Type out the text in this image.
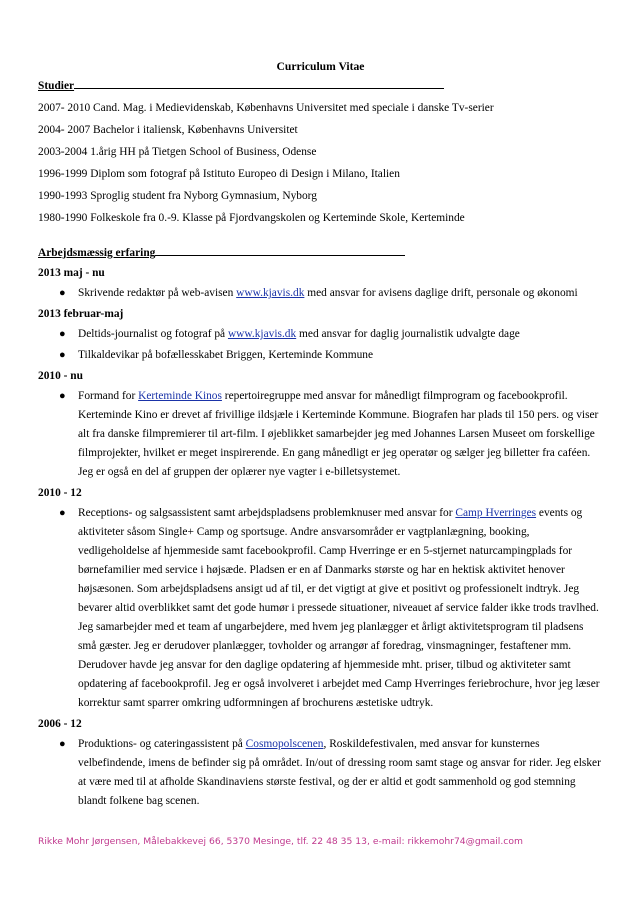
Curriculum Vitae
Studier
2007- 2010 Cand. Mag. i Medievidenskab, Københavns Universitet med speciale i danske Tv-serier
2004- 2007 Bachelor i italiensk, Københavns Universitet
2003-2004 1.årig HH på Tietgen School of Business, Odense
1996-1999 Diplom som fotograf på Istituto Europeo di Design i Milano, Italien
1990-1993 Sproglig student fra Nyborg Gymnasium, Nyborg
1980-1990 Folkeskole fra 0.-9. Klasse på Fjordvangskolen og Kerteminde Skole, Kerteminde
Arbejdsmæssig erfaring
2013 maj - nu
● Skrivende redaktør på web-avisen www.kjavis.dk med ansvar for avisens daglige drift, personale og økonomi
2013 februar-maj
● Deltids-journalist og fotograf på www.kjavis.dk med ansvar for daglig journalistik udvalgte dage
● Tilkaldevikar på bofællesskabet Briggen, Kerteminde Kommune
2010 - nu
● Formand for Kerteminde Kinos repertoiregruppe med ansvar for månedligt filmprogram og facebookprofil. Kerteminde Kino er drevet af frivillige ildsjæle i Kerteminde Kommune. Biografen har plads til 150 pers. og viser alt fra danske filmpremierer til art-film. I øjeblikket samarbejder jeg med Johannes Larsen Museet om forskellige filmprojekter, hvilket er meget inspirerende. En gang månedligt er jeg operatør og sælger jeg billetter fra caféen. Jeg er også en del af gruppen der oplærer nye vagter i e-billetsystemet.
2010 - 12
● Receptions- og salgsassistent samt arbejdspladsens problemknuser med ansvar for Camp Hverringes events og aktiviteter såsom Single+ Camp og sportsuge. Andre ansvarsområder er vagtplanlægning, booking, vedligeholdelse af hjemmeside samt facebookprofil. Camp Hverringe er en 5-stjernet naturcampingplads for børnefamilier med service i højsæde. Pladsen er en af Danmarks største og har en hektisk aktivitet henover højsæsonen. Som arbejdspladsens ansigt ud af til, er det vigtigt at give et positivt og professionelt indtryk. Jeg bevarer altid overblikket samt det gode humør i pressede situationer, niveauet af service falder ikke trods travlhed. Jeg samarbejder med et team af ungarbejdere, med hvem jeg planlægger et årligt aktivitetsprogram til pladsens små gæster. Jeg er derudover planlægger, tovholder og arrangør af foredrag, vinsmagninger, festaftener mm. Derudover havde jeg ansvar for den daglige opdatering af hjemmeside mht. priser, tilbud og aktiviteter samt opdatering af facebookprofil. Jeg er også involveret i arbejdet med Camp Hverringes feriebrochure, hvor jeg læser korrektur samt sparrer omkring udformningen af brochurens æstetiske udtryk.
2006 - 12
● Produktions- og cateringassistent på Cosmopolscenen, Roskildefestivalen, med ansvar for kunsternes velbefindende, imens de befinder sig på området. In/out of dressing room samt stage og ansvar for rider. Jeg elsker at være med til at afholde Skandinaviens største festival, og der er altid et godt sammenhold og god stemning blandt folkene bag scenen.
Rikke Mohr Jørgensen, Målebakkevej 66, 5370 Mesinge, tlf. 22 48 35 13, e-mail: rikkemohr74@gmail.com
